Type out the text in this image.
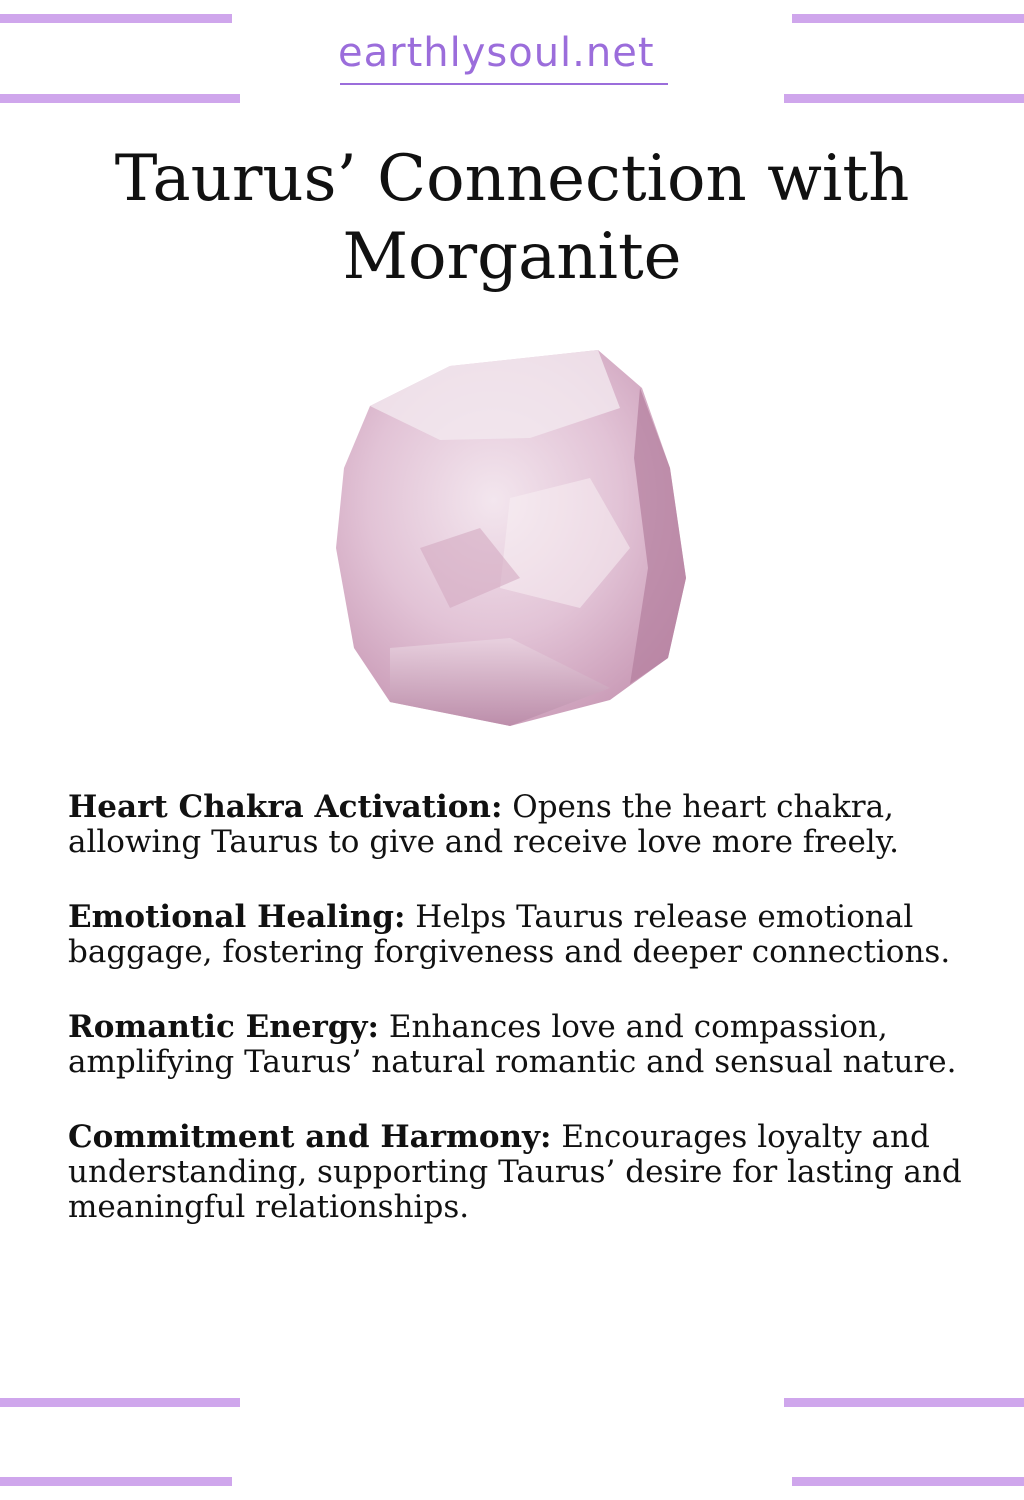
earthlysoul.net
Taurus’ Connection with Morganite

Heart Chakra Activation: Opens the heart chakra, allowing Taurus to give and receive love more freely.

Emotional Healing: Helps Taurus release emotional baggage, fostering forgiveness and deeper connections.

Romantic Energy: Enhances love and compassion, amplifying Taurus’ natural romantic and sensual nature.

Commitment and Harmony: Encourages loyalty and understanding, supporting Taurus’ desire for lasting and meaningful relationships.
